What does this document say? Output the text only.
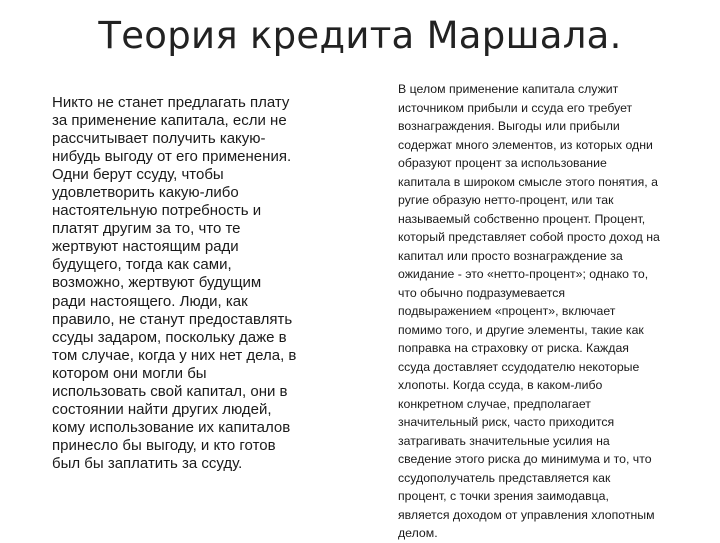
Теория кредита Маршала.

Никто не станет предлагать плату
за применение капитала, если не
рассчитывает получить какую-
нибудь выгоду от его применения.
Одни берут ссуду, чтобы
удовлетворить какую-либо
настоятельную потребность и
платят другим за то, что те
жертвуют настоящим ради
будущего, тогда как сами,
возможно, жертвуют будущим
ради настоящего. Люди, как
правило, не станут предоставлять
ссуды задаром, поскольку даже в
том случае, когда у них нет дела, в
котором они могли бы
использовать свой капитал, они в
состоянии найти других людей,
кому использование их капиталов
принесло бы выгоду, и кто готов
был бы заплатить за ссуду.

В целом применение капитала служит
источником прибыли и ссуда его требует
вознаграждения. Выгоды или прибыли
содержат много элементов, из которых одни
образуют процент за использование
капитала в широком смысле этого понятия, а
ругие образую нетто-процент, или так
называемый собственно процент. Процент,
который представляет собой просто доход на
капитал или просто вознаграждение за
ожидание - это «нетто-процент»; однако то,
что обычно подразумевается
подвыражением «процент», включает
помимо того, и другие элементы, такие как
поправка на страховку от риска. Каждая
ссуда доставляет ссудодателю некоторые
хлопоты. Когда ссуда, в каком-либо
конкретном случае, предполагает
значительный риск, часто приходится
затрагивать значительные усилия на
сведение этого риска до минимума и то, что
ссудополучатель представляется как
процент, с точки зрения заимодавца,
является доходом от управления хлопотным
делом.
